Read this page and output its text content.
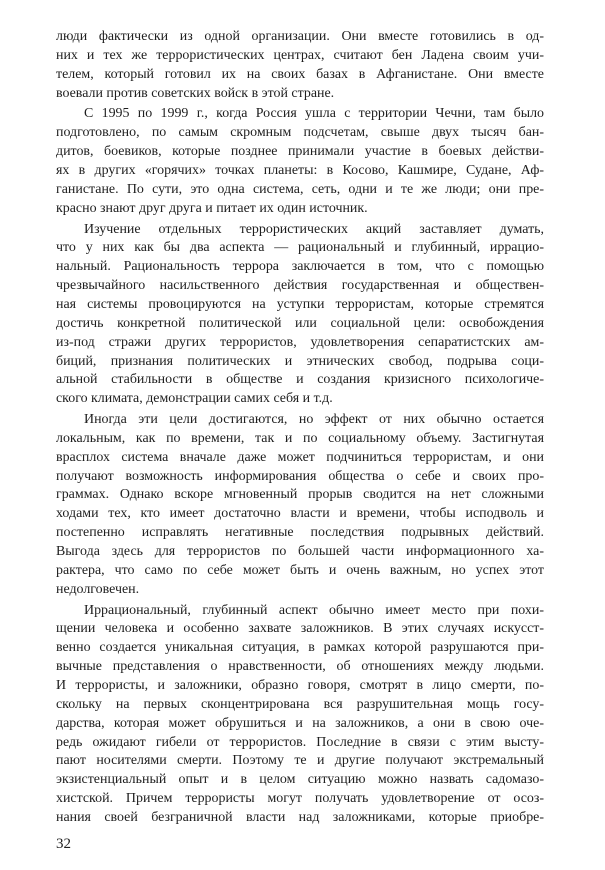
люди фактически из одной организации. Они вместе готовились в од-
них и тех же террористических центрах, считают бен Ладена своим учи-
телем, который готовил их на своих базах в Афганистане. Они вместе
воевали против советских войск в этой стране.
С 1995 по 1999 г., когда Россия ушла с территории Чечни, там было
подготовлено, по самым скромным подсчетам, свыше двух тысяч бан-
дитов, боевиков, которые позднее принимали участие в боевых действи-
ях в других «горячих» точках планеты: в Косово, Кашмире, Судане, Аф-
ганистане. По сути, это одна система, сеть, одни и те же люди; они пре-
красно знают друг друга и питает их один источник.
Изучение отдельных террористических акций заставляет думать,
что у них как бы два аспекта — рациональный и глубинный, иррацио-
нальный. Рациональность террора заключается в том, что с помощью
чрезвычайного насильственного действия государственная и обществен-
ная системы провоцируются на уступки террористам, которые стремятся
достичь конкретной политической или социальной цели: освобождения
из-под стражи других террористов, удовлетворения сепаратистских ам-
биций, признания политических и этнических свобод, подрыва соци-
альной стабильности в обществе и создания кризисного психологиче-
ского климата, демонстрации самих себя и т.д.
Иногда эти цели достигаются, но эффект от них обычно остается
локальным, как по времени, так и по социальному объему. Застигнутая
врасплох система вначале даже может подчиниться террористам, и они
получают возможность информирования общества о себе и своих про-
граммах. Однако вскоре мгновенный прорыв сводится на нет сложными
ходами тех, кто имеет достаточно власти и времени, чтобы исподволь и
постепенно исправлять негативные последствия подрывных действий.
Выгода здесь для террористов по большей части информационного ха-
рактера, что само по себе может быть и очень важным, но успех этот
недолговечен.
Иррациональный, глубинный аспект обычно имеет место при похи-
щении человека и особенно захвате заложников. В этих случаях искусст-
венно создается уникальная ситуация, в рамках которой разрушаются при-
вычные представления о нравственности, об отношениях между людьми.
И террористы, и заложники, образно говоря, смотрят в лицо смерти, по-
скольку на первых сконцентрирована вся разрушительная мощь госу-
дарства, которая может обрушиться и на заложников, а они в свою оче-
редь ожидают гибели от террористов. Последние в связи с этим высту-
пают носителями смерти. Поэтому те и другие получают экстремальный
экзистенциальный опыт и в целом ситуацию можно назвать садомазо-
хистской. Причем террористы могут получать удовлетворение от осоз-
нания своей безграничной власти над заложниками, которые приобре-
32
